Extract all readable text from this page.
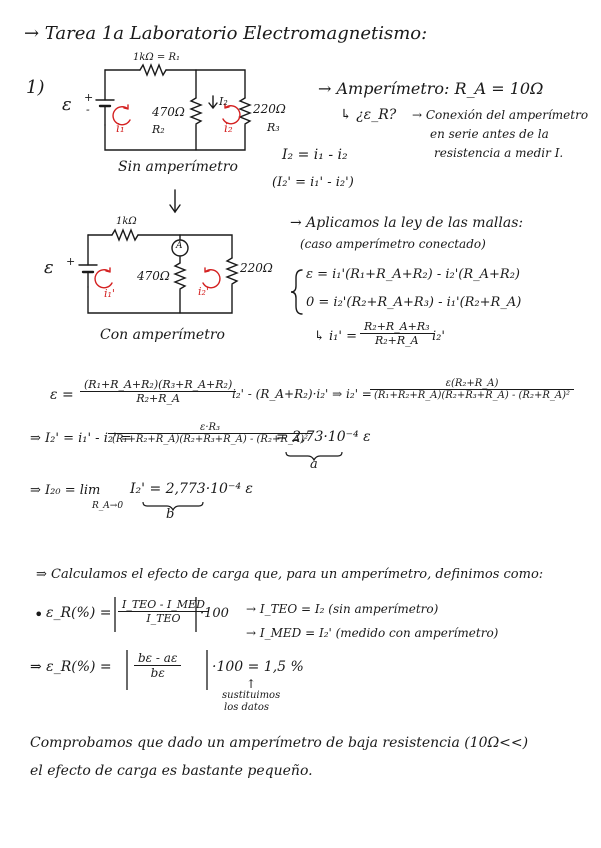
→ Tarea 1a Laboratorio Electromagnetismo:
1)
ε +
-
1kΩ = R₁
470Ω
R₂
220Ω
R₃
I₂
i₁	i₂
Sin amperímetro
→ Amperímetro: R_A = 10Ω
↳ ¿ε_R? → Conexión del amperímetro
en serie antes de la
resistencia a medir I.
I₂ = i₁ - i₂
(I₂' = i₁' - i₂')
ε +
1kΩ
470Ω
220Ω
A
i₁'	i₂'
Con amperímetro
→ Aplicamos la ley de las mallas:
(caso amperímetro conectado)
ε = i₁'(R₁+R_A+R₂) - i₂'(R_A+R₂)
0 = i₂'(R₂+R_A+R₃) - i₁'(R₂+R_A)
↳ $i_1' = \frac{\text{R₂+R\_A+R₃}}{\text{R₂+R\_A}}$
i₂'
$\varepsilon = \frac{\text{(R₁+R\_A+R₂)(R₃+R\_A+R₂)}}{\text{R₂+R\_A}}$
i₂' - (R_A+R₂)·i₂' ⇒ i₂' =
$\frac{\text{ε(R₂+R\_A)}}{\text{(R₁+R₂+R\_A)(R₂+R₃+R\_A) - (R₂+R\_A)²}}$
⇒ I₂' = i₁' - i₂' =
$\frac{\text{ε·R₃}}{\text{(R₁+R₂+R\_A)(R₂+R₃+R\_A) - (R₂+R\_A)²}}$
= 2,73·10⁻⁴ ε
a
⇒ I₂₀ = lim
R_A→0
I₂' = 2,773·10⁻⁴ ε
b
⇒ Calculamos el efecto de carga que, para un amperímetro, definimos como:
• ε_R(%) =
I_TEO - I_MED
I_TEO	·100 → I_TEO = I₂ (sin amperímetro)
→ I_MED = I₂' (medido con amperímetro)
⇒ ε_R(%) = $\frac{b\varepsilon - a\varepsilon}{b\varepsilon} \cdot 100 = 1,5$ %
↑
sustituimos
los datos
Comprobamos que dado un amperímetro de baja resistencia (10Ω<<)
el efecto de carga es bastante pequeño.
